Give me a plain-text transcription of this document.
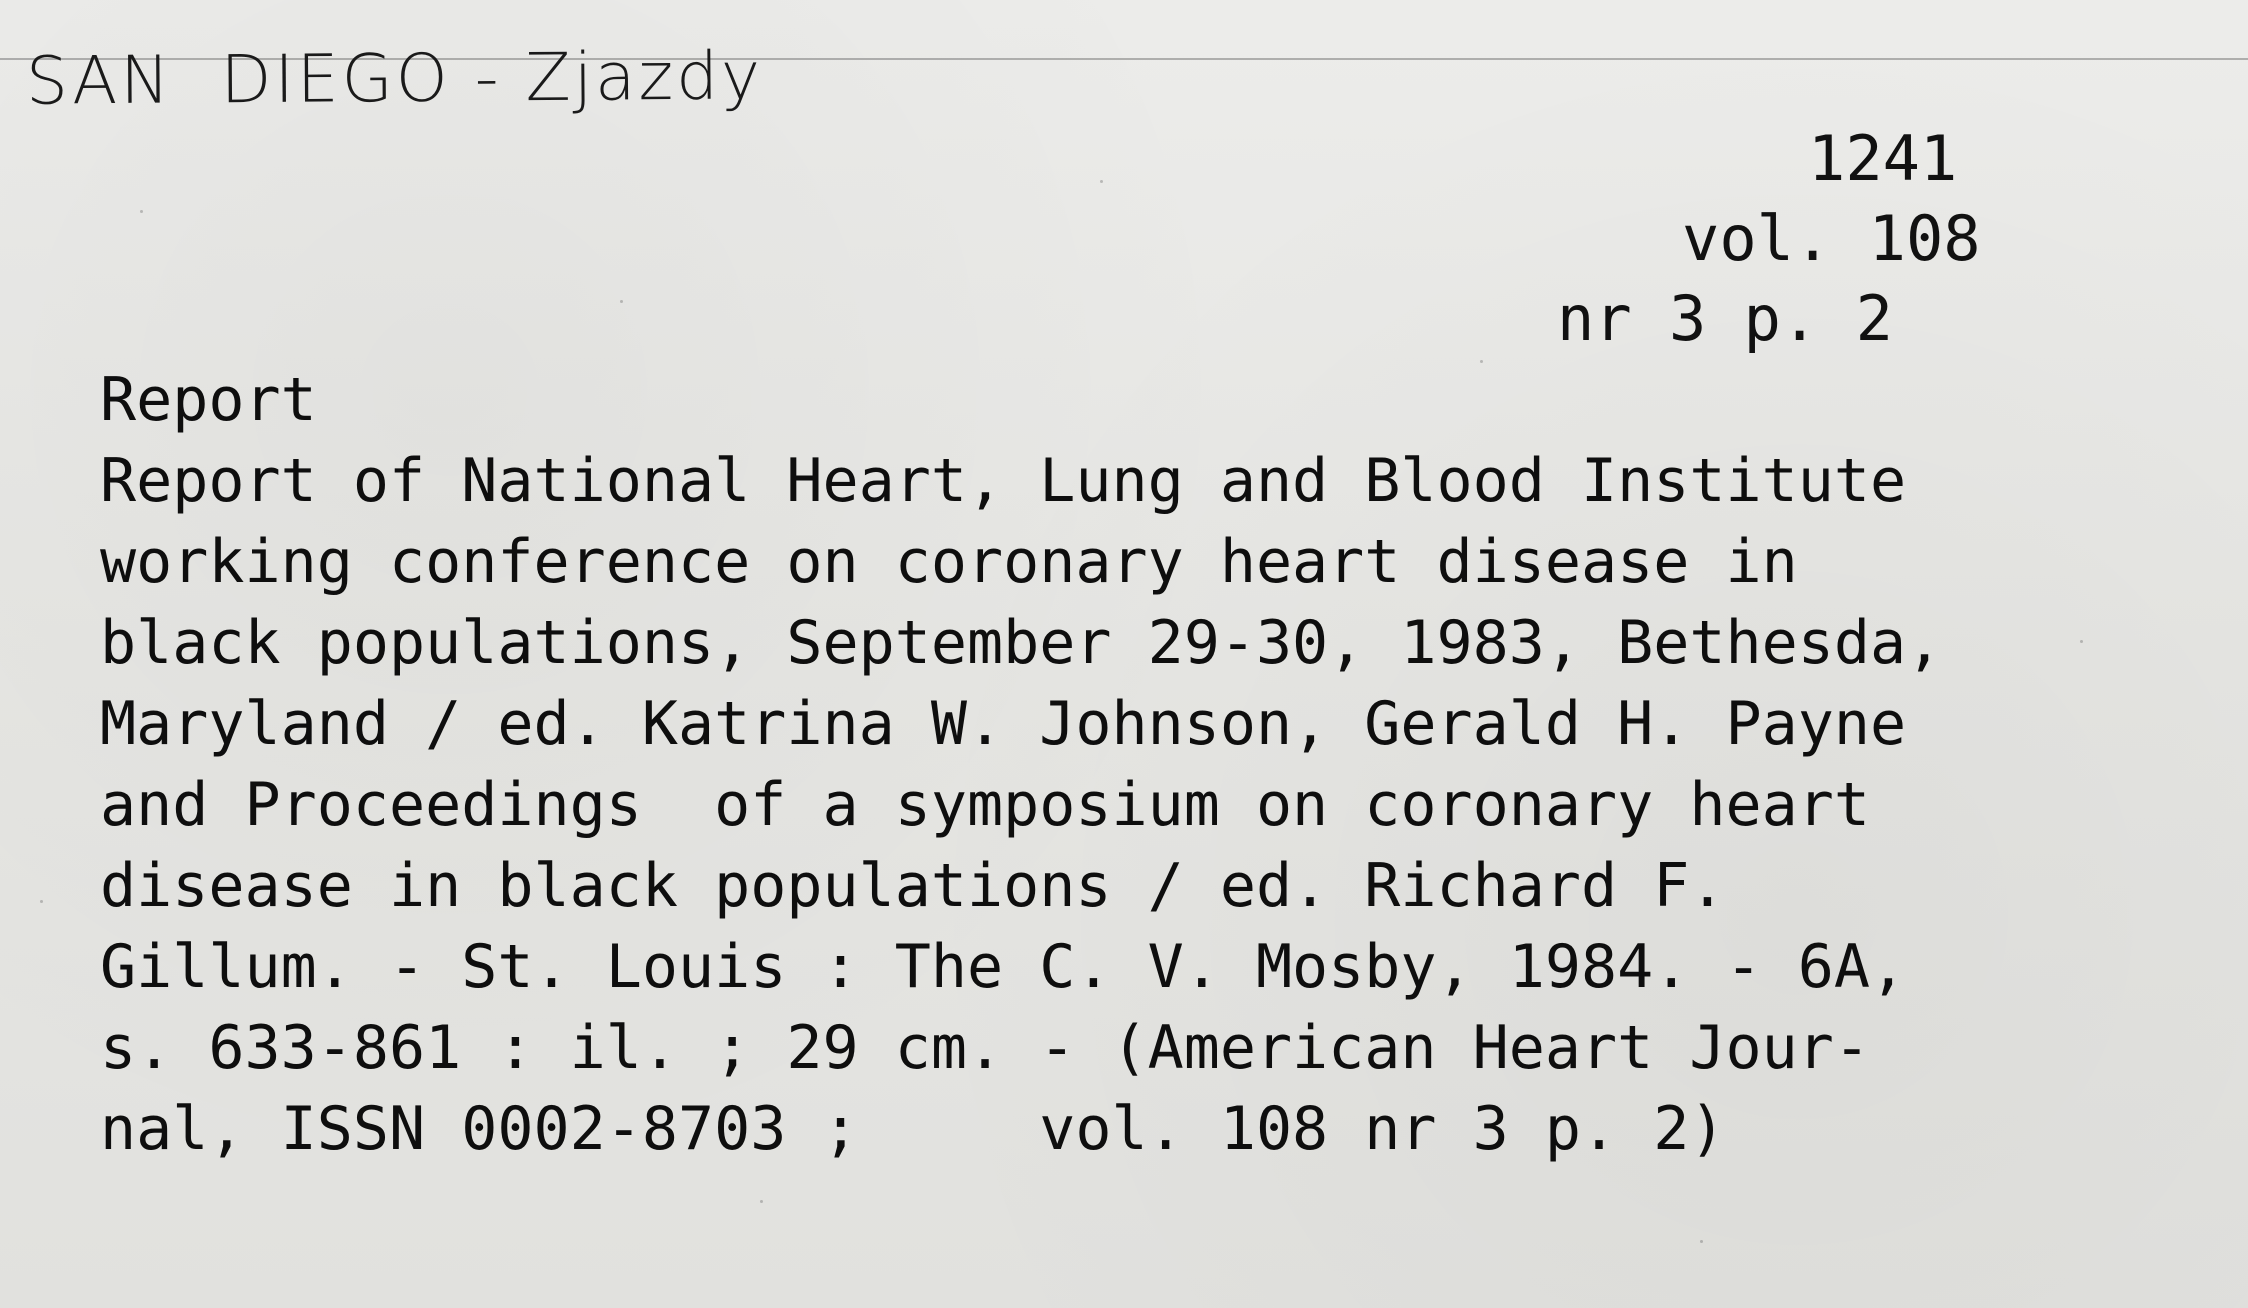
SAN  DIEGO - Zjazdy
1241
vol. 108
nr 3 p. 2
Report
Report of National Heart, Lung and Blood Institute
working conference on coronary heart disease in
black populations, September 29-30, 1983, Bethesda,
Maryland / ed. Katrina W. Johnson, Gerald H. Payne
and Proceedings  of a symposium on coronary heart
disease in black populations / ed. Richard F.
Gillum. - St. Louis : The C. V. Mosby, 1984. - 6A,
s. 633-861 : il. ; 29 cm. - (American Heart Jour-
nal, ISSN 0002-8703 ;     vol. 108 nr 3 p. 2)
